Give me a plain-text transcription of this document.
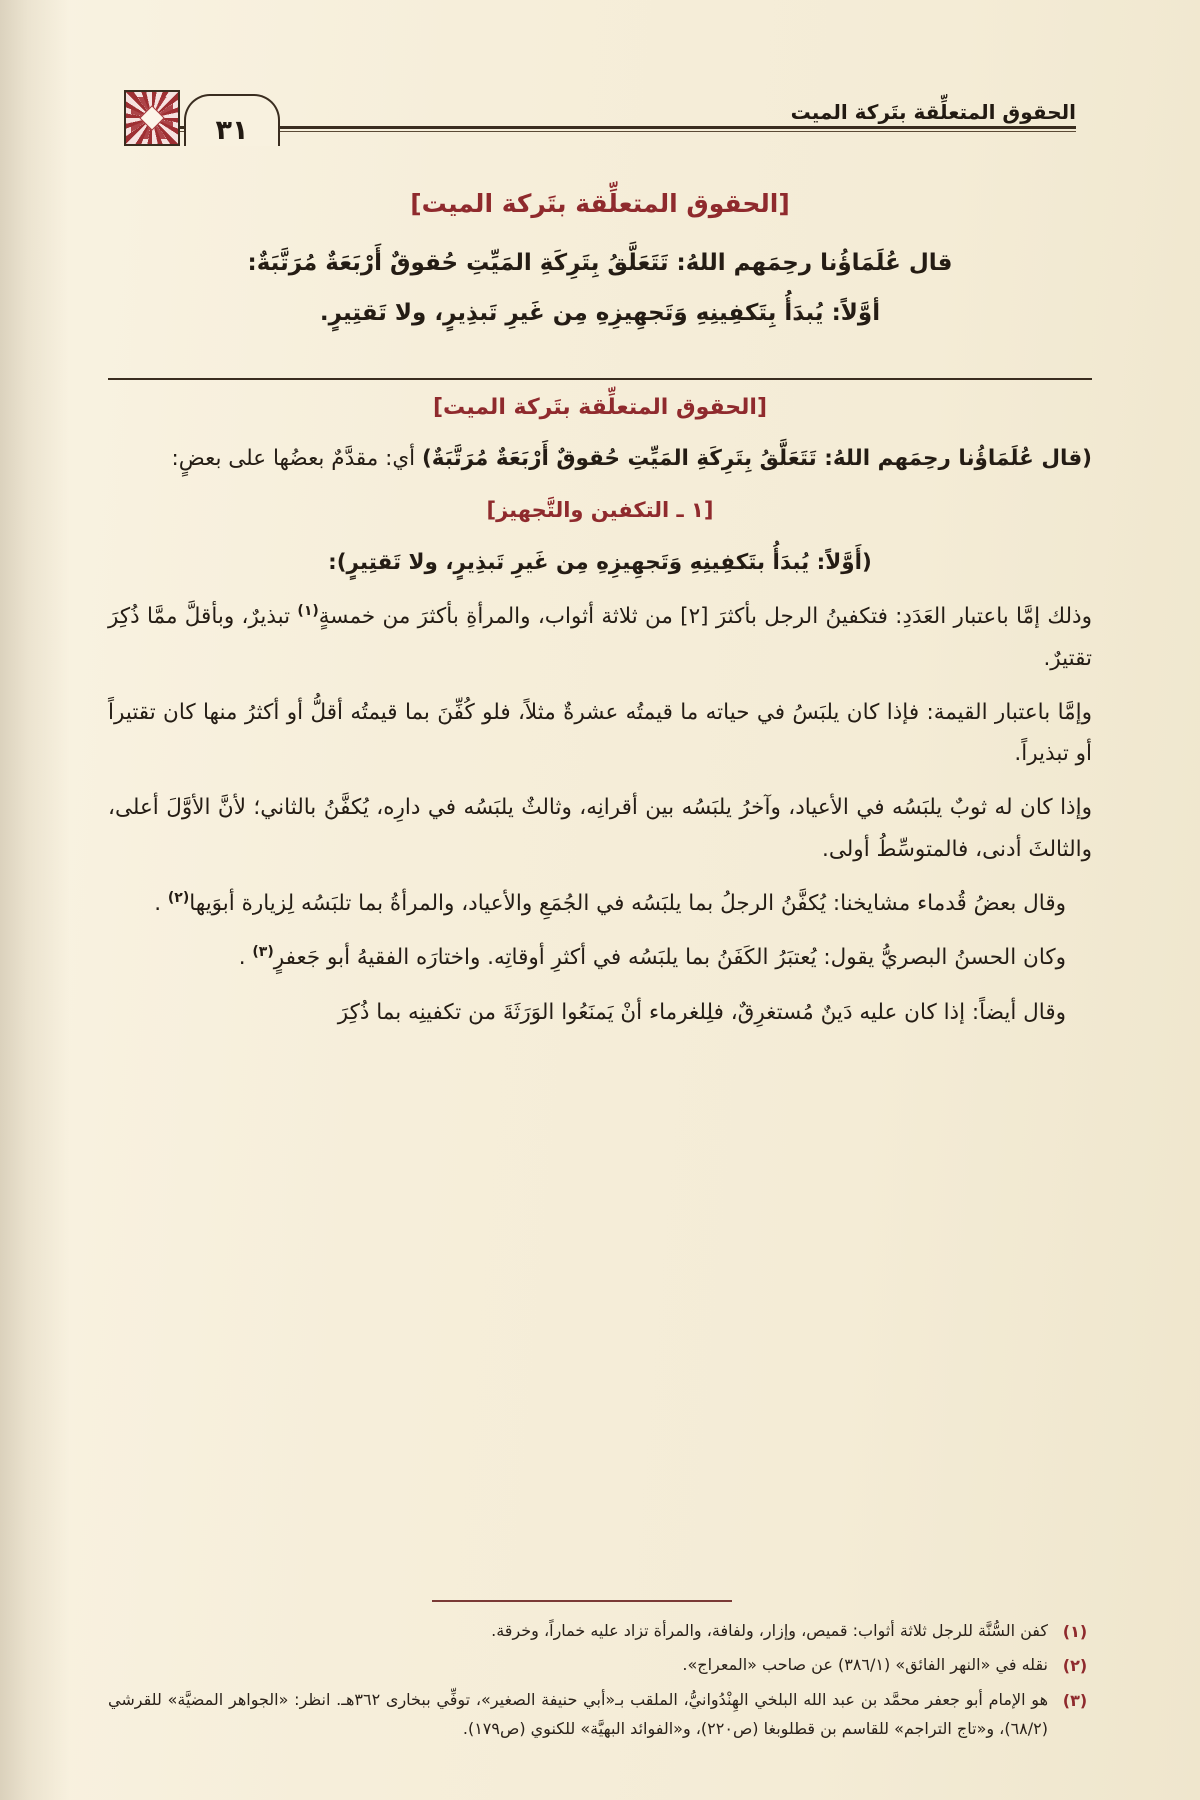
الحقوق المتعلِّقة بتَركة الميت
٣١
[الحقوق المتعلِّقة بتَركة الميت]
قال عُلَمَاؤُنا رحِمَهم اللهُ: تَتَعَلَّقُ بِتَرِكَةِ المَيِّتِ حُقوقٌ أَرْبَعَةٌ مُرَتَّبَةٌ:
أوَّلاً: يُبدَأُ بِتَكفِينِهِ وَتَجهِيزِهِ مِن غَيرِ تَبذِيرٍ، ولا تَقتِيرٍ.
[الحقوق المتعلِّقة بتَركة الميت]
(قال عُلَمَاؤُنا رحِمَهم اللهُ: تَتَعَلَّقُ بِتَرِكَةِ المَيِّتِ حُقوقٌ أَرْبَعَةٌ مُرَتَّبَةٌ) أي: مقدَّمٌ بعضُها على بعضٍ:
[١ ـ التكفين والتَّجهيز]
(أَوَّلاً: يُبدَأُ بتَكفِينِهِ وَتَجهِيزِهِ مِن غَيرِ تَبذِيرٍ، ولا تَقتِيرٍ):
وذلك إمَّا باعتبار العَدَدِ: فتكفينُ الرجل بأكثرَ [٢] من ثلاثة أثواب، والمرأةِ بأكثرَ من خمسةٍ$^{(١)}$ تبذيرٌ، وبأقلَّ ممَّا ذُكِرَ تقتيرٌ.
وإمَّا باعتبار القيمة: فإذا كان يلبَسُ في حياته ما قيمتُه عشرةٌ مثلاً، فلو كُفِّنَ بما قيمتُه أقلُّ أو أكثرُ منها كان تقتيراً أو تبذيراً.
وإذا كان له ثوبٌ يلبَسُه في الأعياد، وآخرُ يلبَسُه بين أقرانِه، وثالثٌ يلبَسُه في دارِه، يُكفَّنُ بالثاني؛ لأنَّ الأوَّلَ أعلى، والثالثَ أدنى، فالمتوسِّطُ أولى.
وقال بعضُ قُدماء مشايخنا: يُكفَّنُ الرجلُ بما يلبَسُه في الجُمَعِ والأعياد، والمرأةُ بما تلبَسُه لِزيارة أبوَيها$^{(٢)}$ .
وكان الحسنُ البصريُّ يقول: يُعتبَرُ الكَفَنُ بما يلبَسُه في أكثرِ أوقاتِه. واختارَه الفقيهُ أبو جَعفرٍ$^{(٣)}$ .
وقال أيضاً: إذا كان عليه دَينٌ مُستغرِقٌ، فلِلغرماء أنْ يَمنَعُوا الوَرَثَةَ من تكفينِه بما ذُكِرَ
(١)
كفن السُّنَّة للرجل ثلاثة أثواب: قميص، وإزار، ولفافة، والمرأة تزاد عليه خماراً، وخرقة.
(٢)
نقله في «النهر الفائق» (٣٨٦/١) عن صاحب «المعراج».
(٣)
هو الإمام أبو جعفر محمَّد بن عبد الله البلخي الهِنْدُوانيُّ، الملقب بـ«أبي حنيفة الصغير»، توفِّي ببخارى ٣٦٢هـ. انظر: «الجواهر المضيَّة» للقرشي (٦٨/٢)، و«تاج التراجم» للقاسم بن قطلوبغا (ص٢٢٠)، و«الفوائد البهيَّة» للكنوي (ص١٧٩).
